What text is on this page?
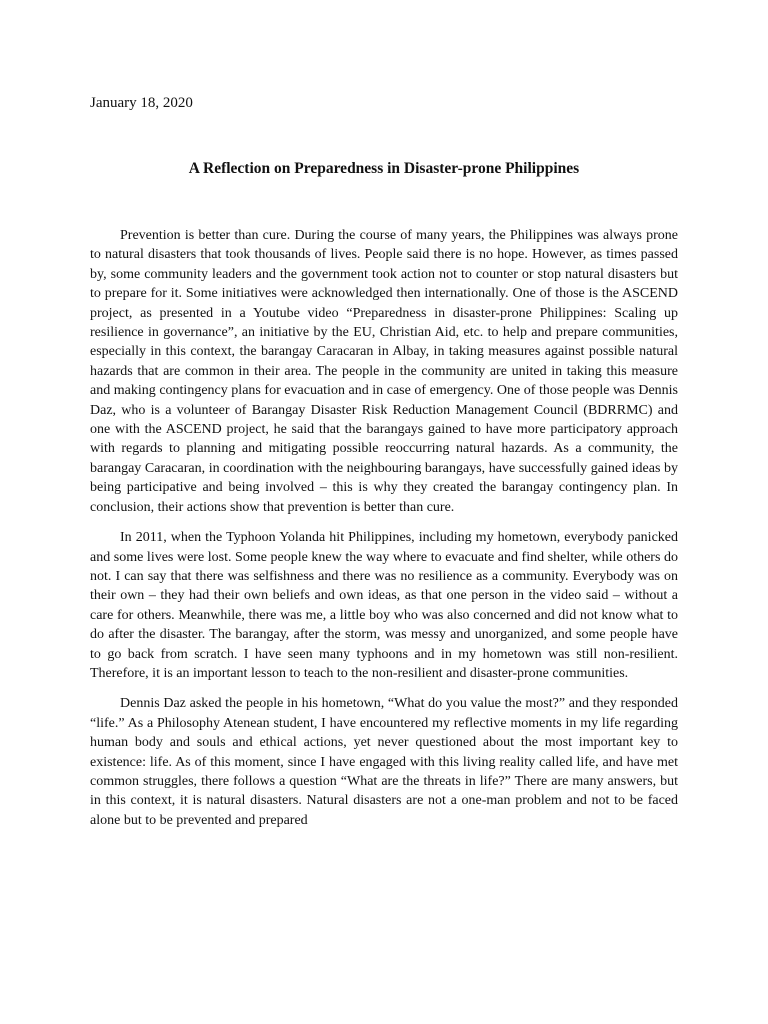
January 18, 2020

A Reflection on Preparedness in Disaster-prone Philippines

Prevention is better than cure. During the course of many years, the Philippines was always prone to natural disasters that took thousands of lives. People said there is no hope. However, as times passed by, some community leaders and the government took action not to counter or stop natural disasters but to prepare for it. Some initiatives were acknowledged then internationally. One of those is the ASCEND project, as presented in a Youtube video “Preparedness in disaster-prone Philippines: Scaling up resilience in governance”, an initiative by the EU, Christian Aid, etc. to help and prepare communities, especially in this context, the barangay Caracaran in Albay, in taking measures against possible natural hazards that are common in their area. The people in the community are united in taking this measure and making contingency plans for evacuation and in case of emergency. One of those people was Dennis Daz, who is a volunteer of Barangay Disaster Risk Reduction Management Council (BDRRMC) and one with the ASCEND project, he said that the barangays gained to have more participatory approach with regards to planning and mitigating possible reoccurring natural hazards. As a community, the barangay Caracaran, in coordination with the neighbouring barangays, have successfully gained ideas by being participative and being involved – this is why they created the barangay contingency plan. In conclusion, their actions show that prevention is better than cure.

In 2011, when the Typhoon Yolanda hit Philippines, including my hometown, everybody panicked and some lives were lost. Some people knew the way where to evacuate and find shelter, while others do not. I can say that there was selfishness and there was no resilience as a community. Everybody was on their own – they had their own beliefs and own ideas, as that one person in the video said – without a care for others. Meanwhile, there was me, a little boy who was also concerned and did not know what to do after the disaster. The barangay, after the storm, was messy and unorganized, and some people have to go back from scratch. I have seen many typhoons and in my hometown was still non-resilient. Therefore, it is an important lesson to teach to the non-resilient and disaster-prone communities.

Dennis Daz asked the people in his hometown, “What do you value the most?” and they responded “life.” As a Philosophy Atenean student, I have encountered my reflective moments in my life regarding human body and souls and ethical actions, yet never questioned about the most important key to existence: life. As of this moment, since I have engaged with this living reality called life, and have met common struggles, there follows a question “What are the threats in life?” There are many answers, but in this context, it is natural disasters. Natural disasters are not a one-man problem and not to be faced alone but to be prevented and prepared
